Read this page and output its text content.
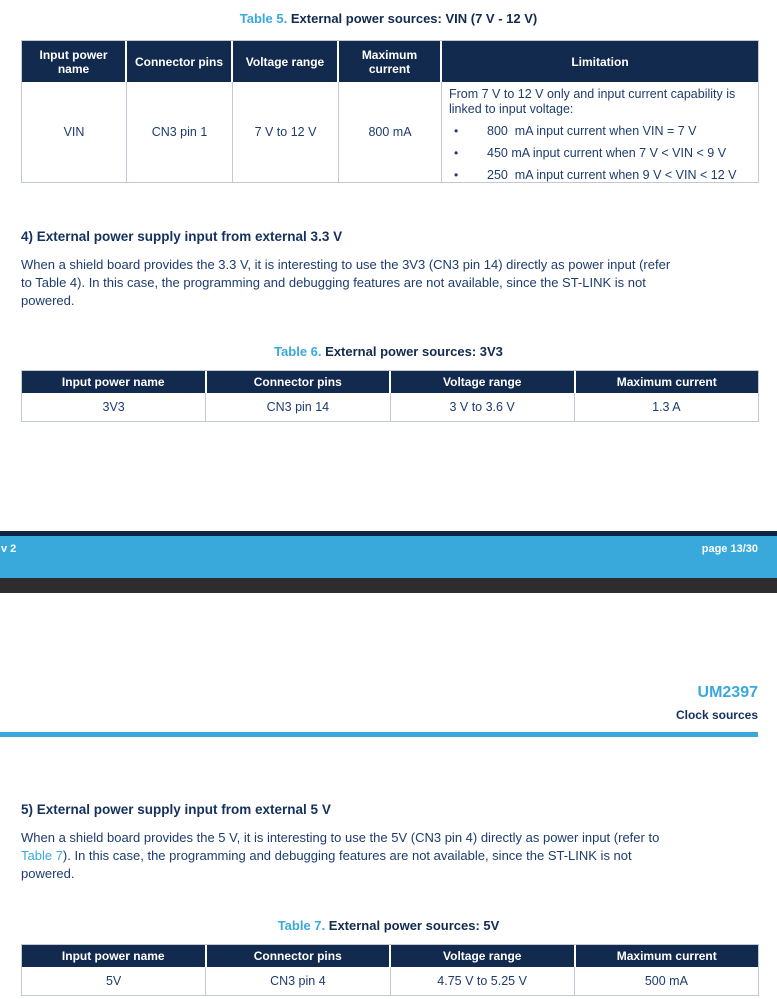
Table 5. External power sources: VIN (7 V - 12 V)
Input power name	Connector pins	Voltage range	Maximum current	Limitation
VIN	CN3 pin 1	7 V to 12 V	800 mA
From 7 V to 12 V only and input current capability is linked to input voltage:
•	800  mA input current when VIN = 7 V
•	450 mA input current when 7 V < VIN < 9 V
•	250  mA input current when 9 V < VIN < 12 V
4) External power supply input from external 3.3 V
When a shield board provides the 3.3 V, it is interesting to use the 3V3 (CN3 pin 14) directly as power input (refer
to Table 4). In this case, the programming and debugging features are not available, since the ST-LINK is not
powered.
Table 6. External power sources: 3V3
Input power name	Connector pins	Voltage range	Maximum current
3V3	CN3 pin 14	3 V to 3.6 V	1.3 A
v 2	page 13/30
UM2397
Clock sources
5) External power supply input from external 5 V
When a shield board provides the 5 V, it is interesting to use the 5V (CN3 pin 4) directly as power input (refer to
Table 7). In this case, the programming and debugging features are not available, since the ST-LINK is not
powered.
Table 7. External power sources: 5V
Input power name	Connector pins	Voltage range	Maximum current
5V	CN3 pin 4	4.75 V to 5.25 V	500 mA
